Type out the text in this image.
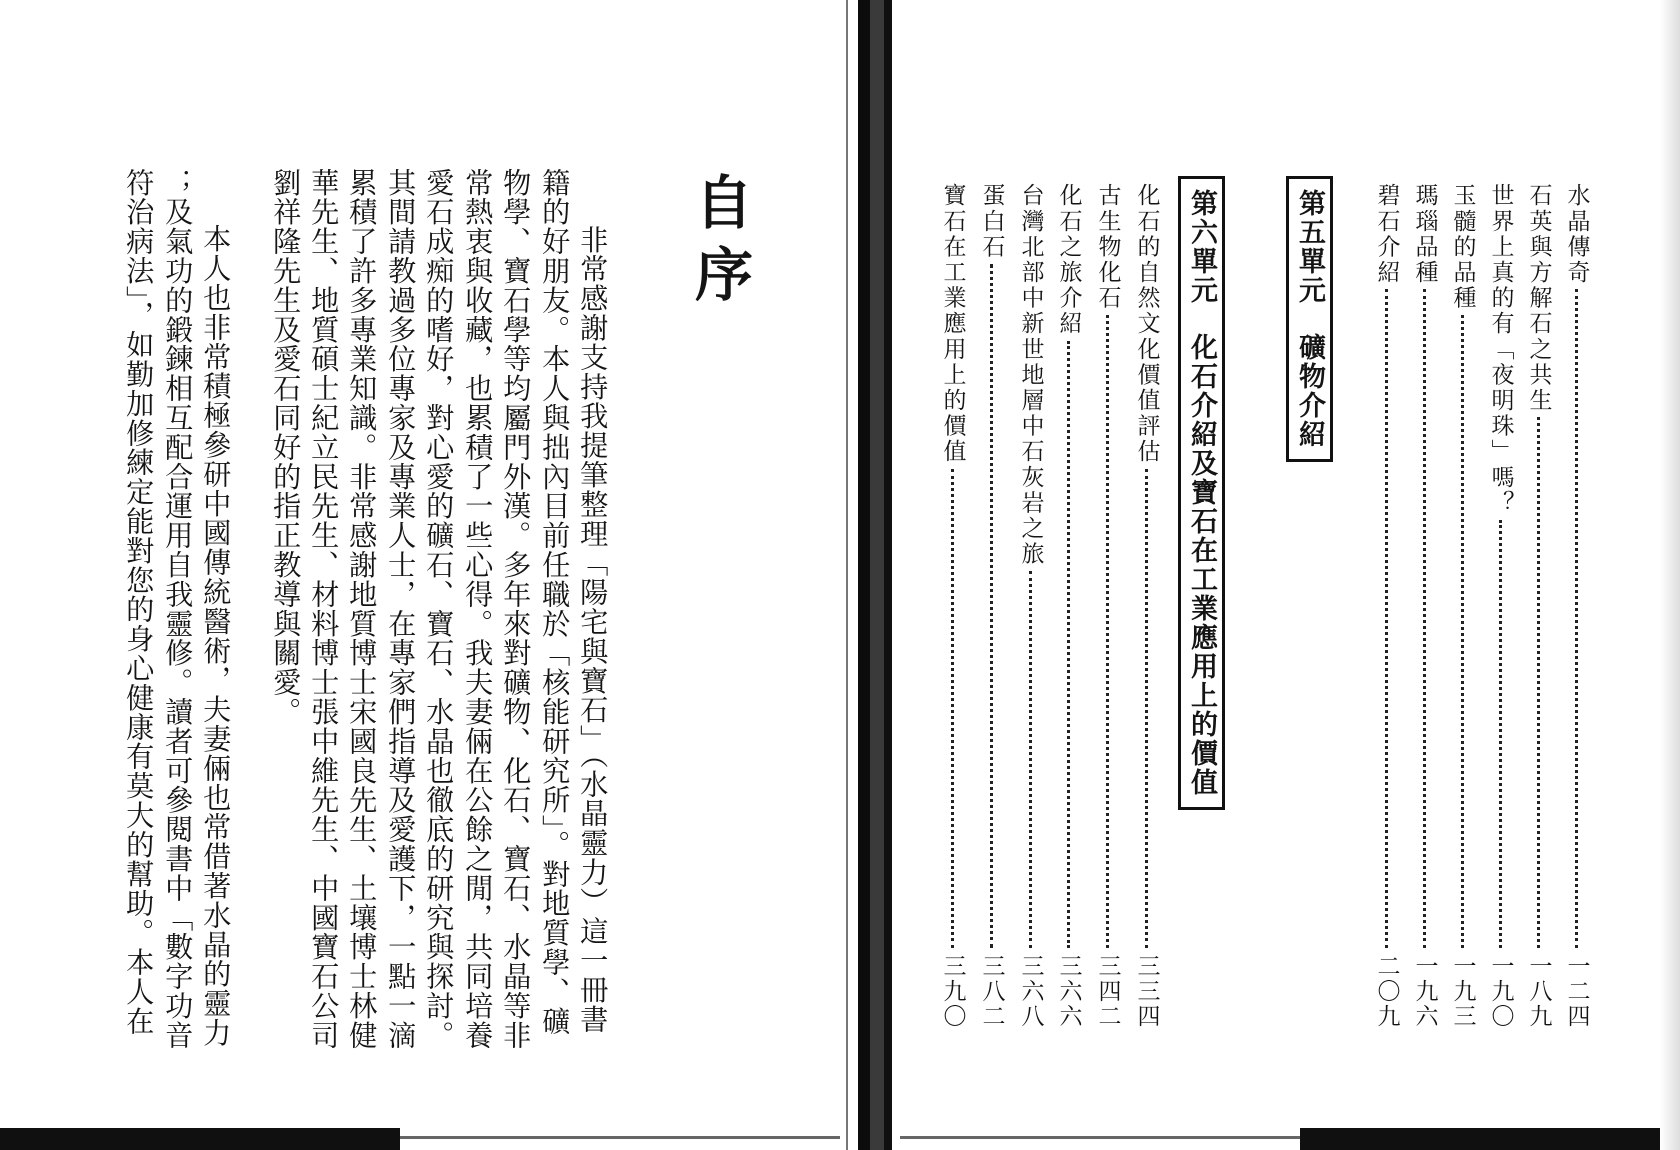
自序
非常感謝支持我提筆整理「陽宅與寶石」（水晶靈力）這一冊書
籍的好朋友。本人與拙內目前任職於「核能研究所」。對地質學、礦
物學、寶石學等均屬門外漢。多年來對礦物、化石、寶石、水晶等非
常熱衷與收藏，也累積了一些心得。我夫妻倆在公餘之閒，共同培養
愛石成痴的嗜好，對心愛的礦石、寶石、水晶也徹底的研究與探討。
其間請教過多位專家及專業人士，在專家們指導及愛護下，一點一滴
累積了許多專業知識。非常感謝地質博士宋國良先生、土壤博士林健
華先生、地質碩士紀立民先生、材料博士張中維先生、中國寶石公司
劉祥隆先生及愛石同好的指正教導與關愛。
　本人也非常積極參研中國傳統醫術，夫妻倆也常借著水晶的靈力
；及氣功的鍛鍊相互配合運用自我靈修。讀者可參閱書中「數字功音
符治病法」，如勤加修練定能對您的身心健康有莫大的幫助。本人在	水晶傳奇
一二四
石英與方解石之共生
一八九
世界上真的有「夜明珠」嗎？
一九〇
玉髓的品種
一九三
瑪瑙品種
一九六
碧石介紹
二〇九
第五單元礦物介紹
第六單元化石介紹及寶石在工業應用上的價值
化石的自然文化價值評估
三三四
古生物化石
三四二
化石之旅介紹
三六六
台灣北部中新世地層中石灰岩之旅
三六八
蛋白石
三八二
寶石在工業應用上的價值
三九〇
